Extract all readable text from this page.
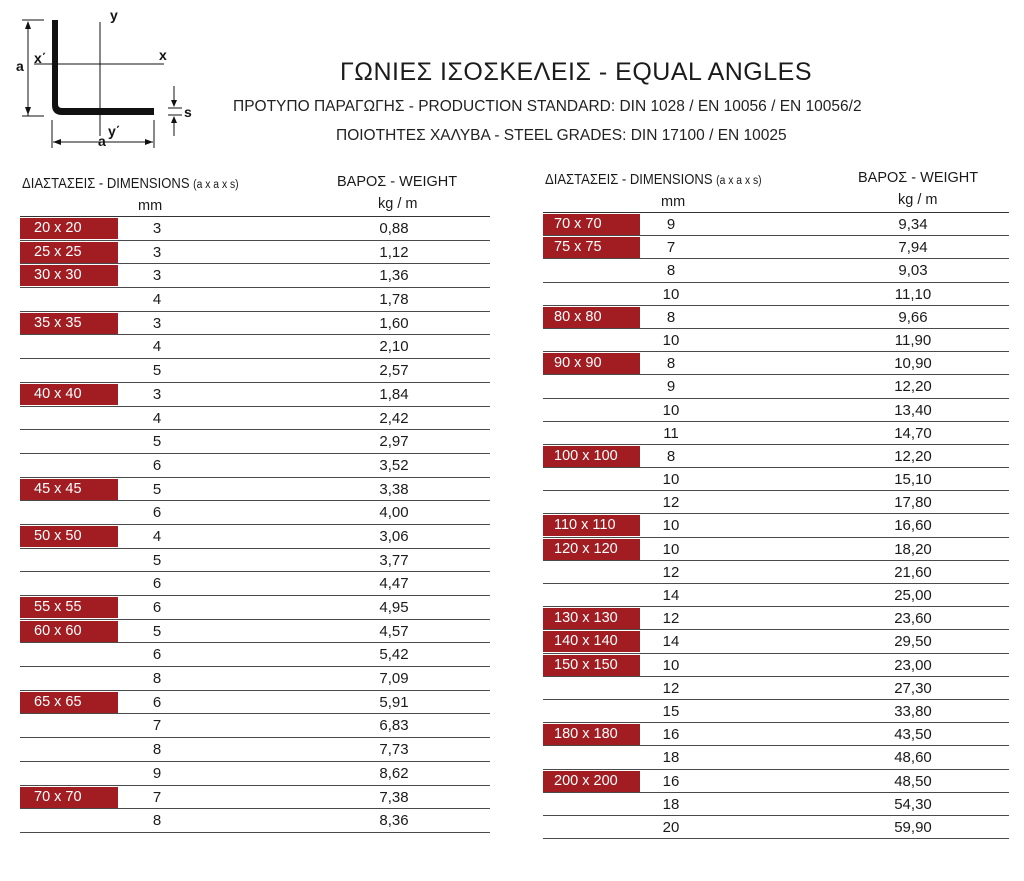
a
y
x
x΄
y΄
s
a
ΓΩΝΙΕΣ ΙΣΟΣΚΕΛΕΙΣ - EQUAL ANGLES
ΠΡΟΤΥΠΟ ΠΑΡΑΓΩΓΗΣ - PRODUCTION STANDARD: DIN 1028 / EN 10056 / EN 10056/2
ΠΟΙΟΤΗΤΕΣ ΧΑΛΥΒΑ - STEEL GRADES: DIN 17100 / EN 10025
ΔΙΑΣΤΑΣΕΙΣ - DIMENSIONS (a x a x s)
mm
ΒΑΡΟΣ - WEIGHT
kg / m
20 x 20	3	0,88
25 x 25	3	1,12
30 x 30	3	1,36
4	1,78
35 x 35	3	1,60
4	2,10
5	2,57
40 x 40	3	1,84
4	2,42
5	2,97
6	3,52
45 x 45	5	3,38
6	4,00
50 x 50	4	3,06
5	3,77
6	4,47
55 x 55	6	4,95
60 x 60	5	4,57
6	5,42
8	7,09
65 x 65	6	5,91
7	6,83
8	7,73
9	8,62
70 x 70	7	7,38
8	8,36
ΔΙΑΣΤΑΣΕΙΣ - DIMENSIONS (a x a x s)
mm
ΒΑΡΟΣ - WEIGHT
kg / m
70 x 70	9	9,34
75 x 75	7	7,94
8	9,03
10	11,10
80 x 80	8	9,66
10	11,90
90 x 90	8	10,90
9	12,20
10	13,40
11	14,70
100 x 100	8	12,20
10	15,10
12	17,80
110 x 110	10	16,60
120 x 120	10	18,20
12	21,60
14	25,00
130 x 130	12	23,60
140 x 140	14	29,50
150 x 150	10	23,00
12	27,30
15	33,80
180 x 180	16	43,50
18	48,60
200 x 200	16	48,50
18	54,30
20	59,90
